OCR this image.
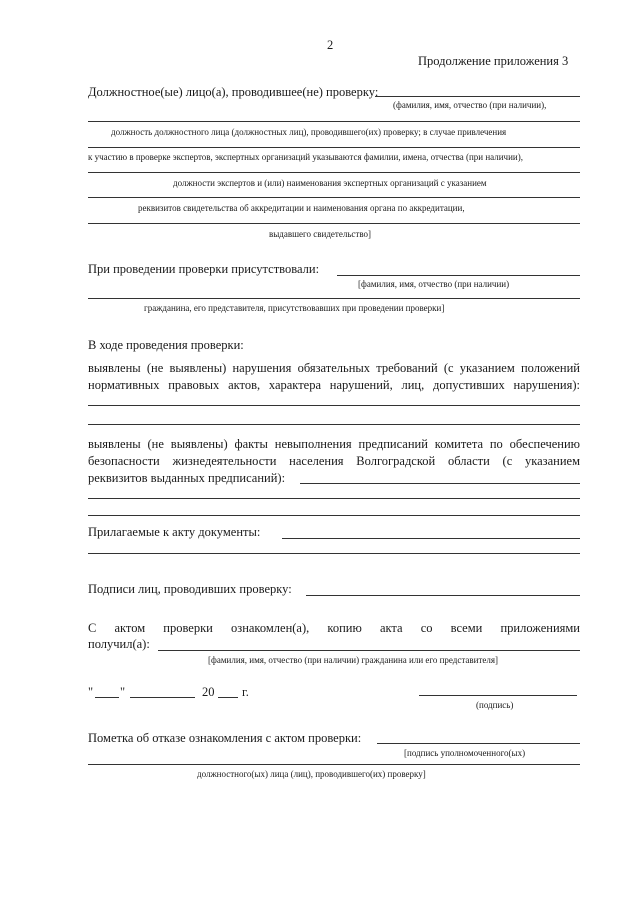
2
Продолжение приложения 3
Должностное(ые) лицо(а), проводившее(не) проверку:
(фамилия, имя, отчество (при наличии),
должность должностного лица (должностных лиц), проводившего(их) проверку; в случае привлечения
к участию в проверке экспертов, экспертных организаций указываются фамилии, имена, отчества (при наличии),
должности экспертов и (или) наименования экспертных организаций с указанием
реквизитов свидетельства об аккредитации и наименования органа по аккредитации,
выдавшего свидетельство]
При проведении проверки присутствовали:
[фамилия, имя, отчество (при наличии)
гражданина, его представителя, присутствовавших при проведении проверки]
В ходе проведения проверки:
выявлены (не выявлены) нарушения обязательных требований (с указанием положений
нормативных правовых актов, характера нарушений, лиц, допустивших нарушения):
выявлены (не выявлены) факты невыполнения предписаний комитета по обеспечению безопасности жизнедеятельности населения Волгоградской области (с указанием реквизитов выданных предписаний):
Прилагаемые к акту документы:
Подписи лиц, проводивших проверку:
С актом проверки ознакомлен(а), копию акта со всеми приложениями
получил(а):
[фамилия, имя, отчество (при наличии) гражданина или его представителя]
" "	20 г.
(подпись)
Пометка об отказе ознакомления с актом проверки:
[подпись уполномоченного(ых)
должностного(ых) лица (лиц), проводившего(их) проверку]
